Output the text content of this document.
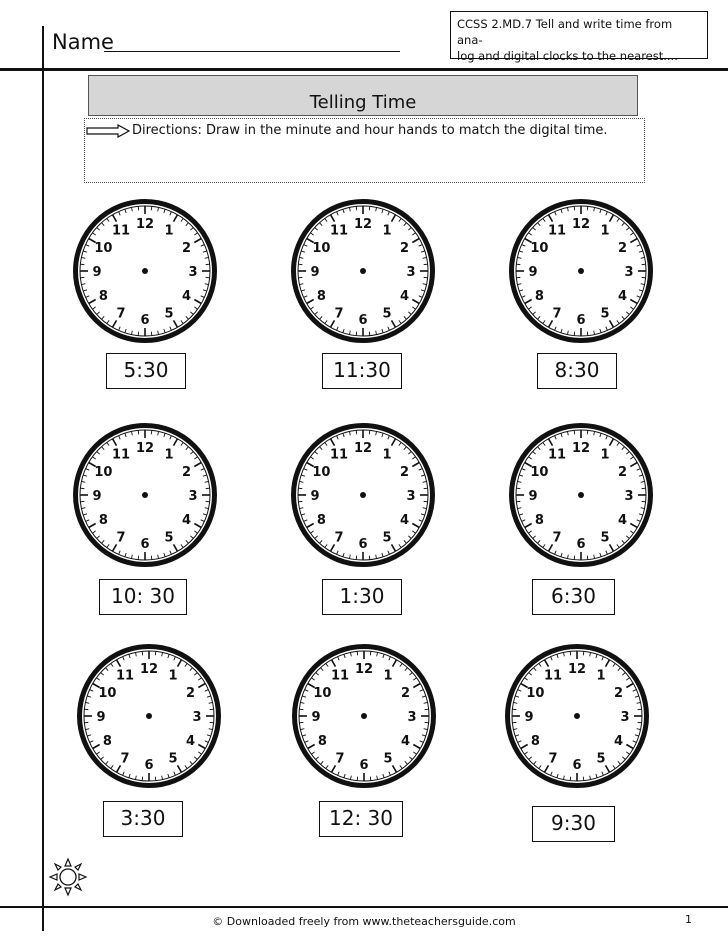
Name
CCSS 2.MD.7 Tell and write time from ana-
log and digital clocks to the nearest....
Telling Time
Directions: Draw in the minute and hour hands to match the digital time.
12 1
2
3
4
5
6
7
8
9
10
11
5:30
12 1
2
3
4
5
6
7
8
9
10
11
11:30
12 1
2
3
4
5
6
7
8
9
10
11
8:30
12 1
2
3
4
5
6
7
8
9
10
11
10: 30
12 1
2
3
4
5
6
7
8
9
10
11
1:30
12 1
2
3
4
5
6
7
8
9
10
11
6:30
12 1
2
3
4
5
6
7
8
9
10
11
3:30
12 1
2
3
4
5
6
7
8
9
10
11
12: 30
12 1
2
3
4
5
6
7
8
9
10
11
9:30
© Downloaded freely from www.theteachersguide.com	1
